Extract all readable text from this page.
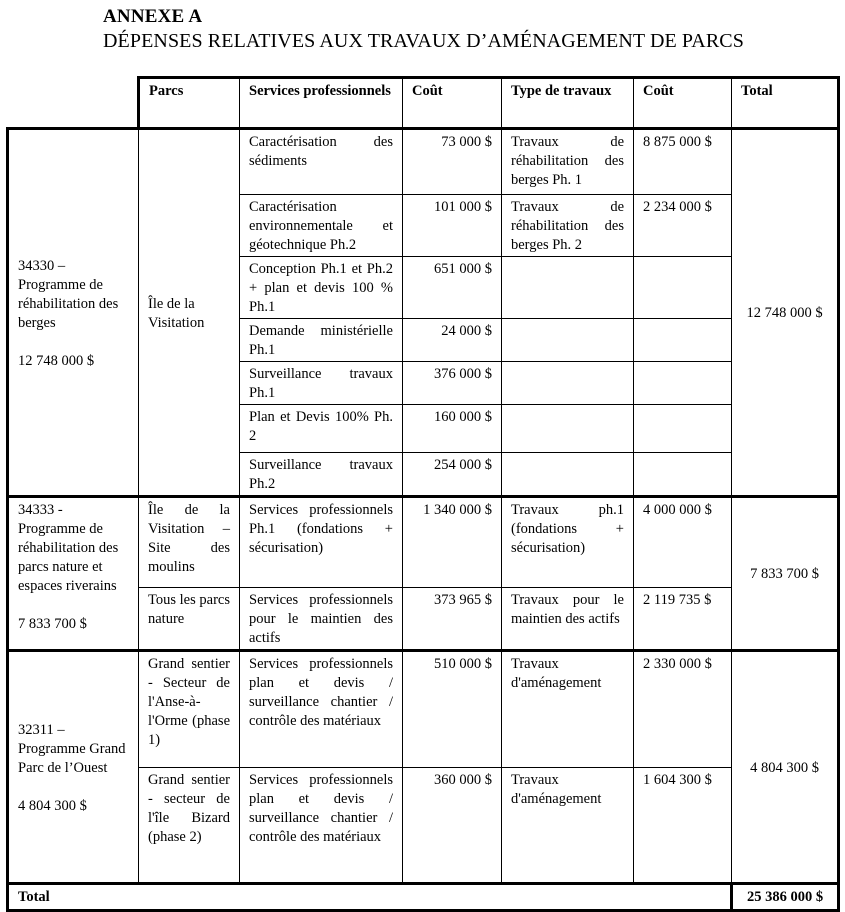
ANNEXE A
DÉPENSES RELATIVES AUX TRAVAUX D’AMÉNAGEMENT DE PARCS
	Parcs	Services professionnels	Coût	Type de travaux	Coût	Total

34330 – Programme de réhabilitation des berges
12 748 000 $	Île de la Visitation	Caractérisation des sédiments	73 000 $	Travaux de réhabilitation des berges Ph. 1	8 875 000 $	12 748 000 $
		Caractérisation environnementale et géotechnique Ph.2	101 000 $	Travaux de réhabilitation des berges Ph. 2	2 234 000 $	
		Conception Ph.1 et Ph.2 + plan et devis 100 % Ph.1	651 000 $			
		Demande ministérielle Ph.1	24 000 $			
		Surveillance travaux Ph.1	376 000 $			
		Plan et Devis 100% Ph. 2	160 000 $			
		Surveillance travaux Ph.2	254 000 $			

34333 - Programme de réhabilitation des parcs nature et espaces riverains
7 833 700 $	Île de la Visitation – Site des moulins	Services professionnels Ph.1 (fondations + sécurisation)	1 340 000 $	Travaux ph.1 (fondations + sécurisation)	4 000 000 $	7 833 700 $
	Tous les parcs nature	Services professionnels pour le maintien des actifs	373 965 $	Travaux pour le maintien des actifs	2 119 735 $	

32311 – Programme Grand Parc de l’Ouest
4 804 300 $	Grand sentier - Secteur de l'Anse-à-l'Orme (phase 1)	Services professionnels plan et devis / surveillance chantier / contrôle des matériaux	510 000 $	Travaux d'aménagement	2 330 000 $	4 804 300 $
	Grand sentier - secteur de l'île Bizard (phase 2)	Services professionnels plan et devis / surveillance chantier / contrôle des matériaux	360 000 $	Travaux d'aménagement	1 604 300 $	
Total						25 386 000 $
